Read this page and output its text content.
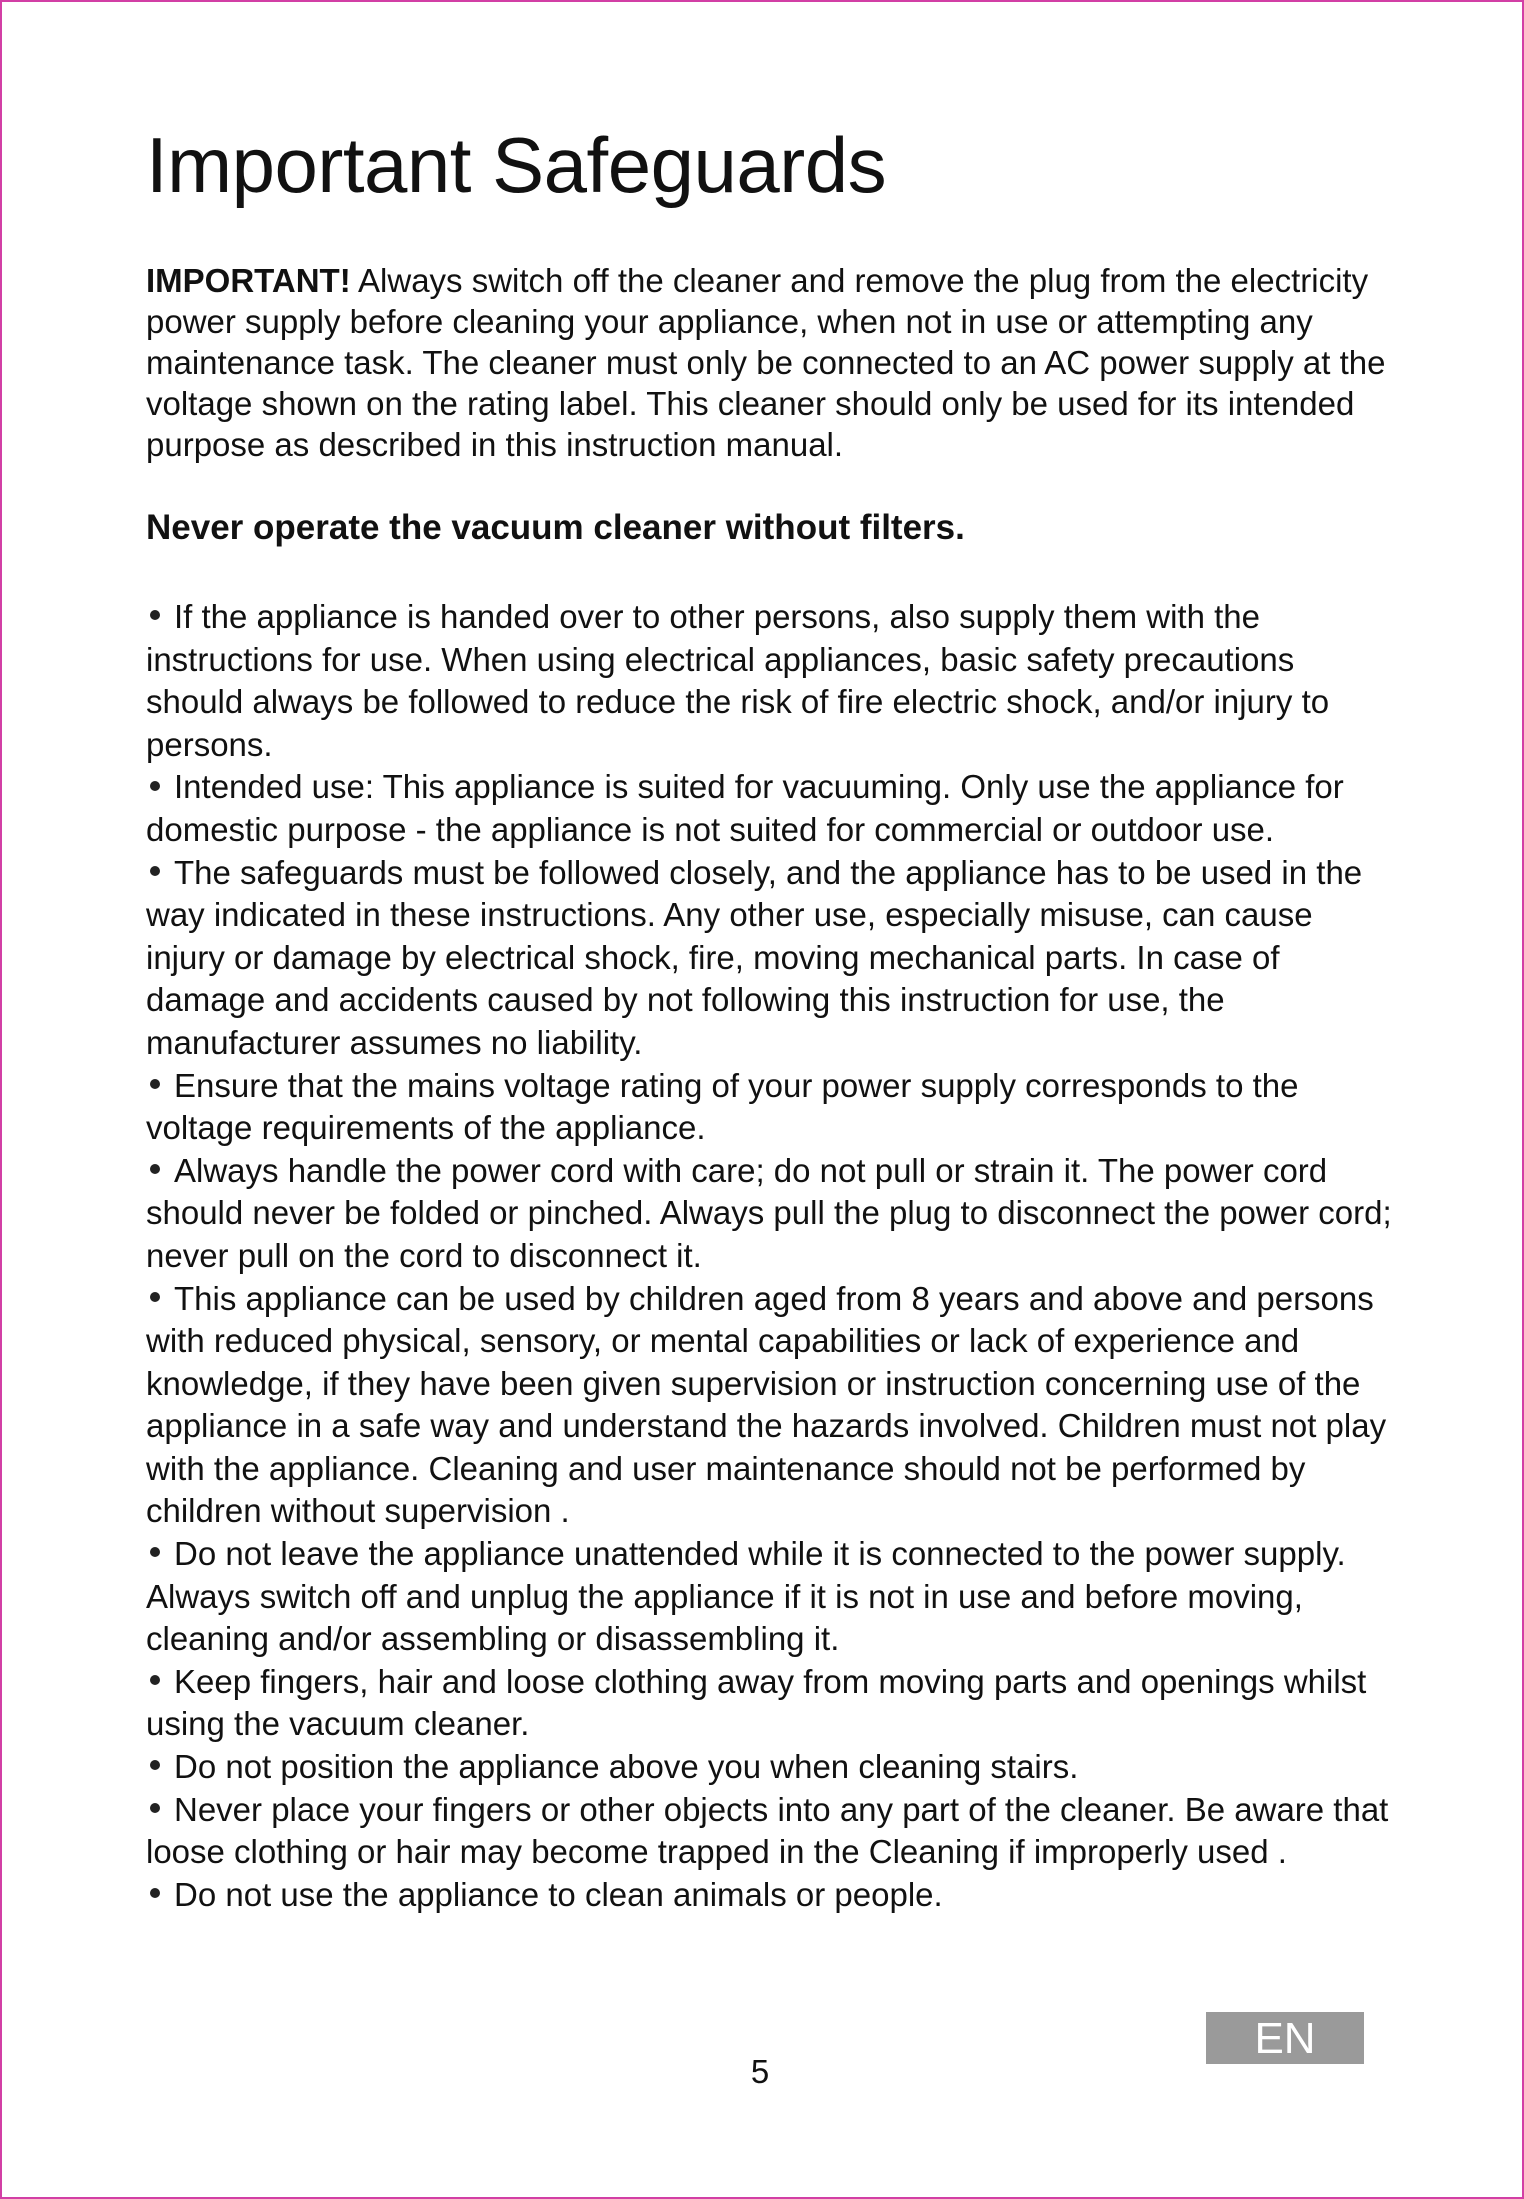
Important Safeguards

IMPORTANT! Always switch off the cleaner and remove the plug from the electricity power supply before cleaning your appliance, when not in use or attempting any maintenance task. The cleaner must only be connected to an AC power supply at the voltage shown on the rating label. This cleaner should only be used for its intended purpose as described in this instruction manual.

Never operate the vacuum cleaner without filters.
If the appliance is handed over to other persons, also supply them with the instructions for use. When using electrical appliances, basic safety precautions should always be followed to reduce the risk of fire electric shock, and/or injury to persons.
Intended use: This appliance is suited for vacuuming. Only use the appliance for domestic purpose - the appliance is not suited for commercial or outdoor use.
The safeguards must be followed closely, and the appliance has to be used in the way indicated in these instructions. Any other use, especially misuse, can cause injury or damage by electrical shock, fire, moving mechanical parts. In case of damage and accidents caused by not following this instruction for use, the manufacturer assumes no liability.
Ensure that the mains voltage rating of your power supply corresponds to the voltage requirements of the appliance.
Always handle the power cord with care; do not pull or strain it. The power cord should never be folded or pinched. Always pull the plug to disconnect the power cord; never pull on the cord to disconnect it.
This appliance can be used by children aged from 8 years and above and persons with reduced physical, sensory, or mental capabilities or lack of experience and knowledge, if they have been given supervision or instruction concerning use of the appliance in a safe way and understand the hazards involved. Children must not play with the appliance. Cleaning and user maintenance should not be performed by children without supervision .
Do not leave the appliance unattended while it is connected to the power supply. Always switch off and unplug the appliance if it is not in use and before moving, cleaning and/or assembling or disassembling it.
Keep fingers, hair and loose clothing away from moving parts and openings whilst using the vacuum cleaner.
Do not position the appliance above you when cleaning stairs.
Never place your fingers or other objects into any part of the cleaner. Be aware that loose clothing or hair may become trapped in the Cleaning if improperly used .
Do not use the appliance to clean animals or people.
5
EN
